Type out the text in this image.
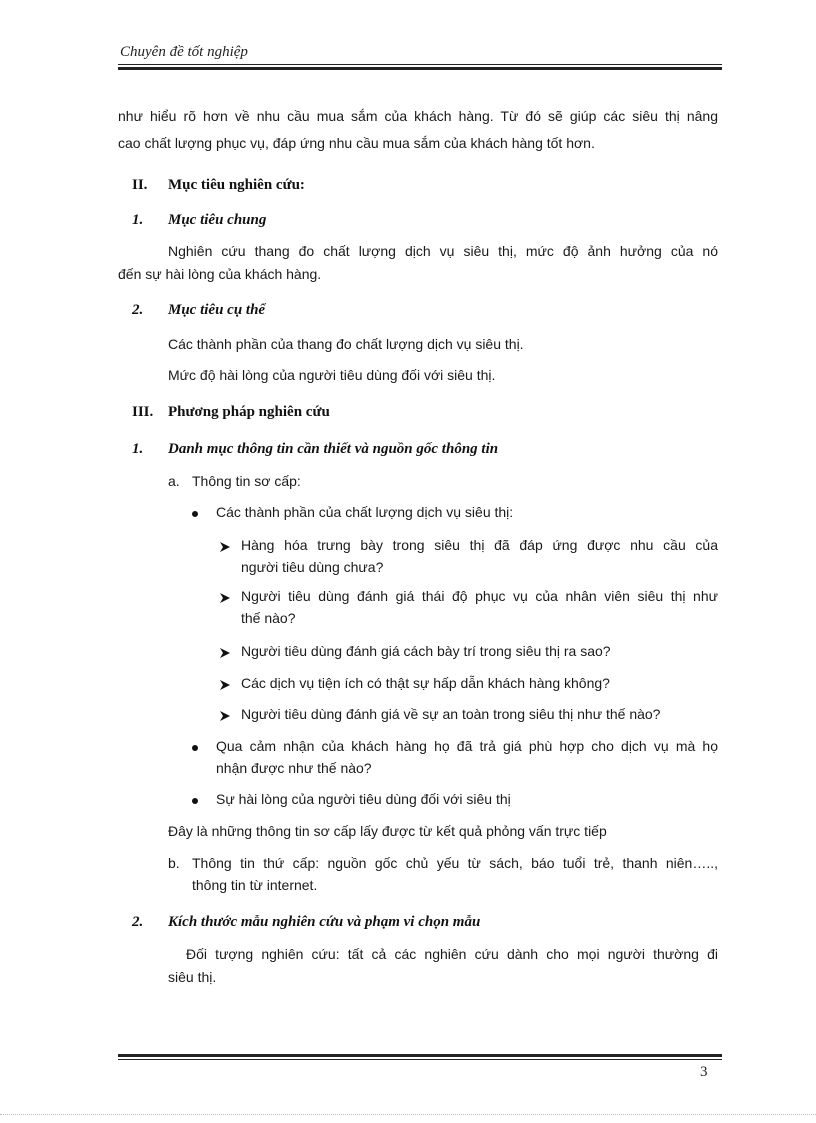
Chuyên đề tốt nghiệp
như hiểu rõ hơn về nhu cầu mua sắm của khách hàng. Từ đó sẽ giúp các siêu thị nâng
cao chất lượng phục vụ, đáp ứng nhu cầu mua sắm của khách hàng tốt hơn.
II. Mục tiêu nghiên cứu:
1. Mục tiêu chung
Nghiên cứu thang đo chất lượng dịch vụ siêu thị, mức độ ảnh hưởng của nó
đến sự hài lòng của khách hàng.
2. Mục tiêu cụ thể
Các thành phần của thang đo chất lượng dịch vụ siêu thị.
Mức độ hài lòng của người tiêu dùng đối với siêu thị.
III. Phương pháp nghiên cứu
1. Danh mục thông tin cần thiết và nguồn gốc thông tin
a. Thông tin sơ cấp:
Các thành phần của chất lượng dịch vụ siêu thị:
Hàng hóa trưng bày trong siêu thị đã đáp ứng được nhu cầu của
người tiêu dùng chưa?
Người tiêu dùng đánh giá thái độ phục vụ của nhân viên siêu thị như
thế nào?
Người tiêu dùng đánh giá cách bày trí trong siêu thị ra sao?
Các dịch vụ tiện ích có thật sự hấp dẫn khách hàng không?
Người tiêu dùng đánh giá về sự an toàn trong siêu thị như thế nào?
Qua cảm nhận của khách hàng họ đã trả giá phù hợp cho dịch vụ mà họ
nhận được như thế nào?
Sự hài lòng của người tiêu dùng đối với siêu thị
Đây là những thông tin sơ cấp lấy được từ kết quả phỏng vấn trực tiếp
b. Thông tin thứ cấp: nguồn gốc chủ yếu từ sách, báo tuổi trẻ, thanh niên…..,
thông tin từ internet.
2. Kích thước mẫu nghiên cứu và phạm vi chọn mẫu
Đối tượng nghiên cứu: tất cả các nghiên cứu dành cho mọi người thường đi
siêu thị.
3
